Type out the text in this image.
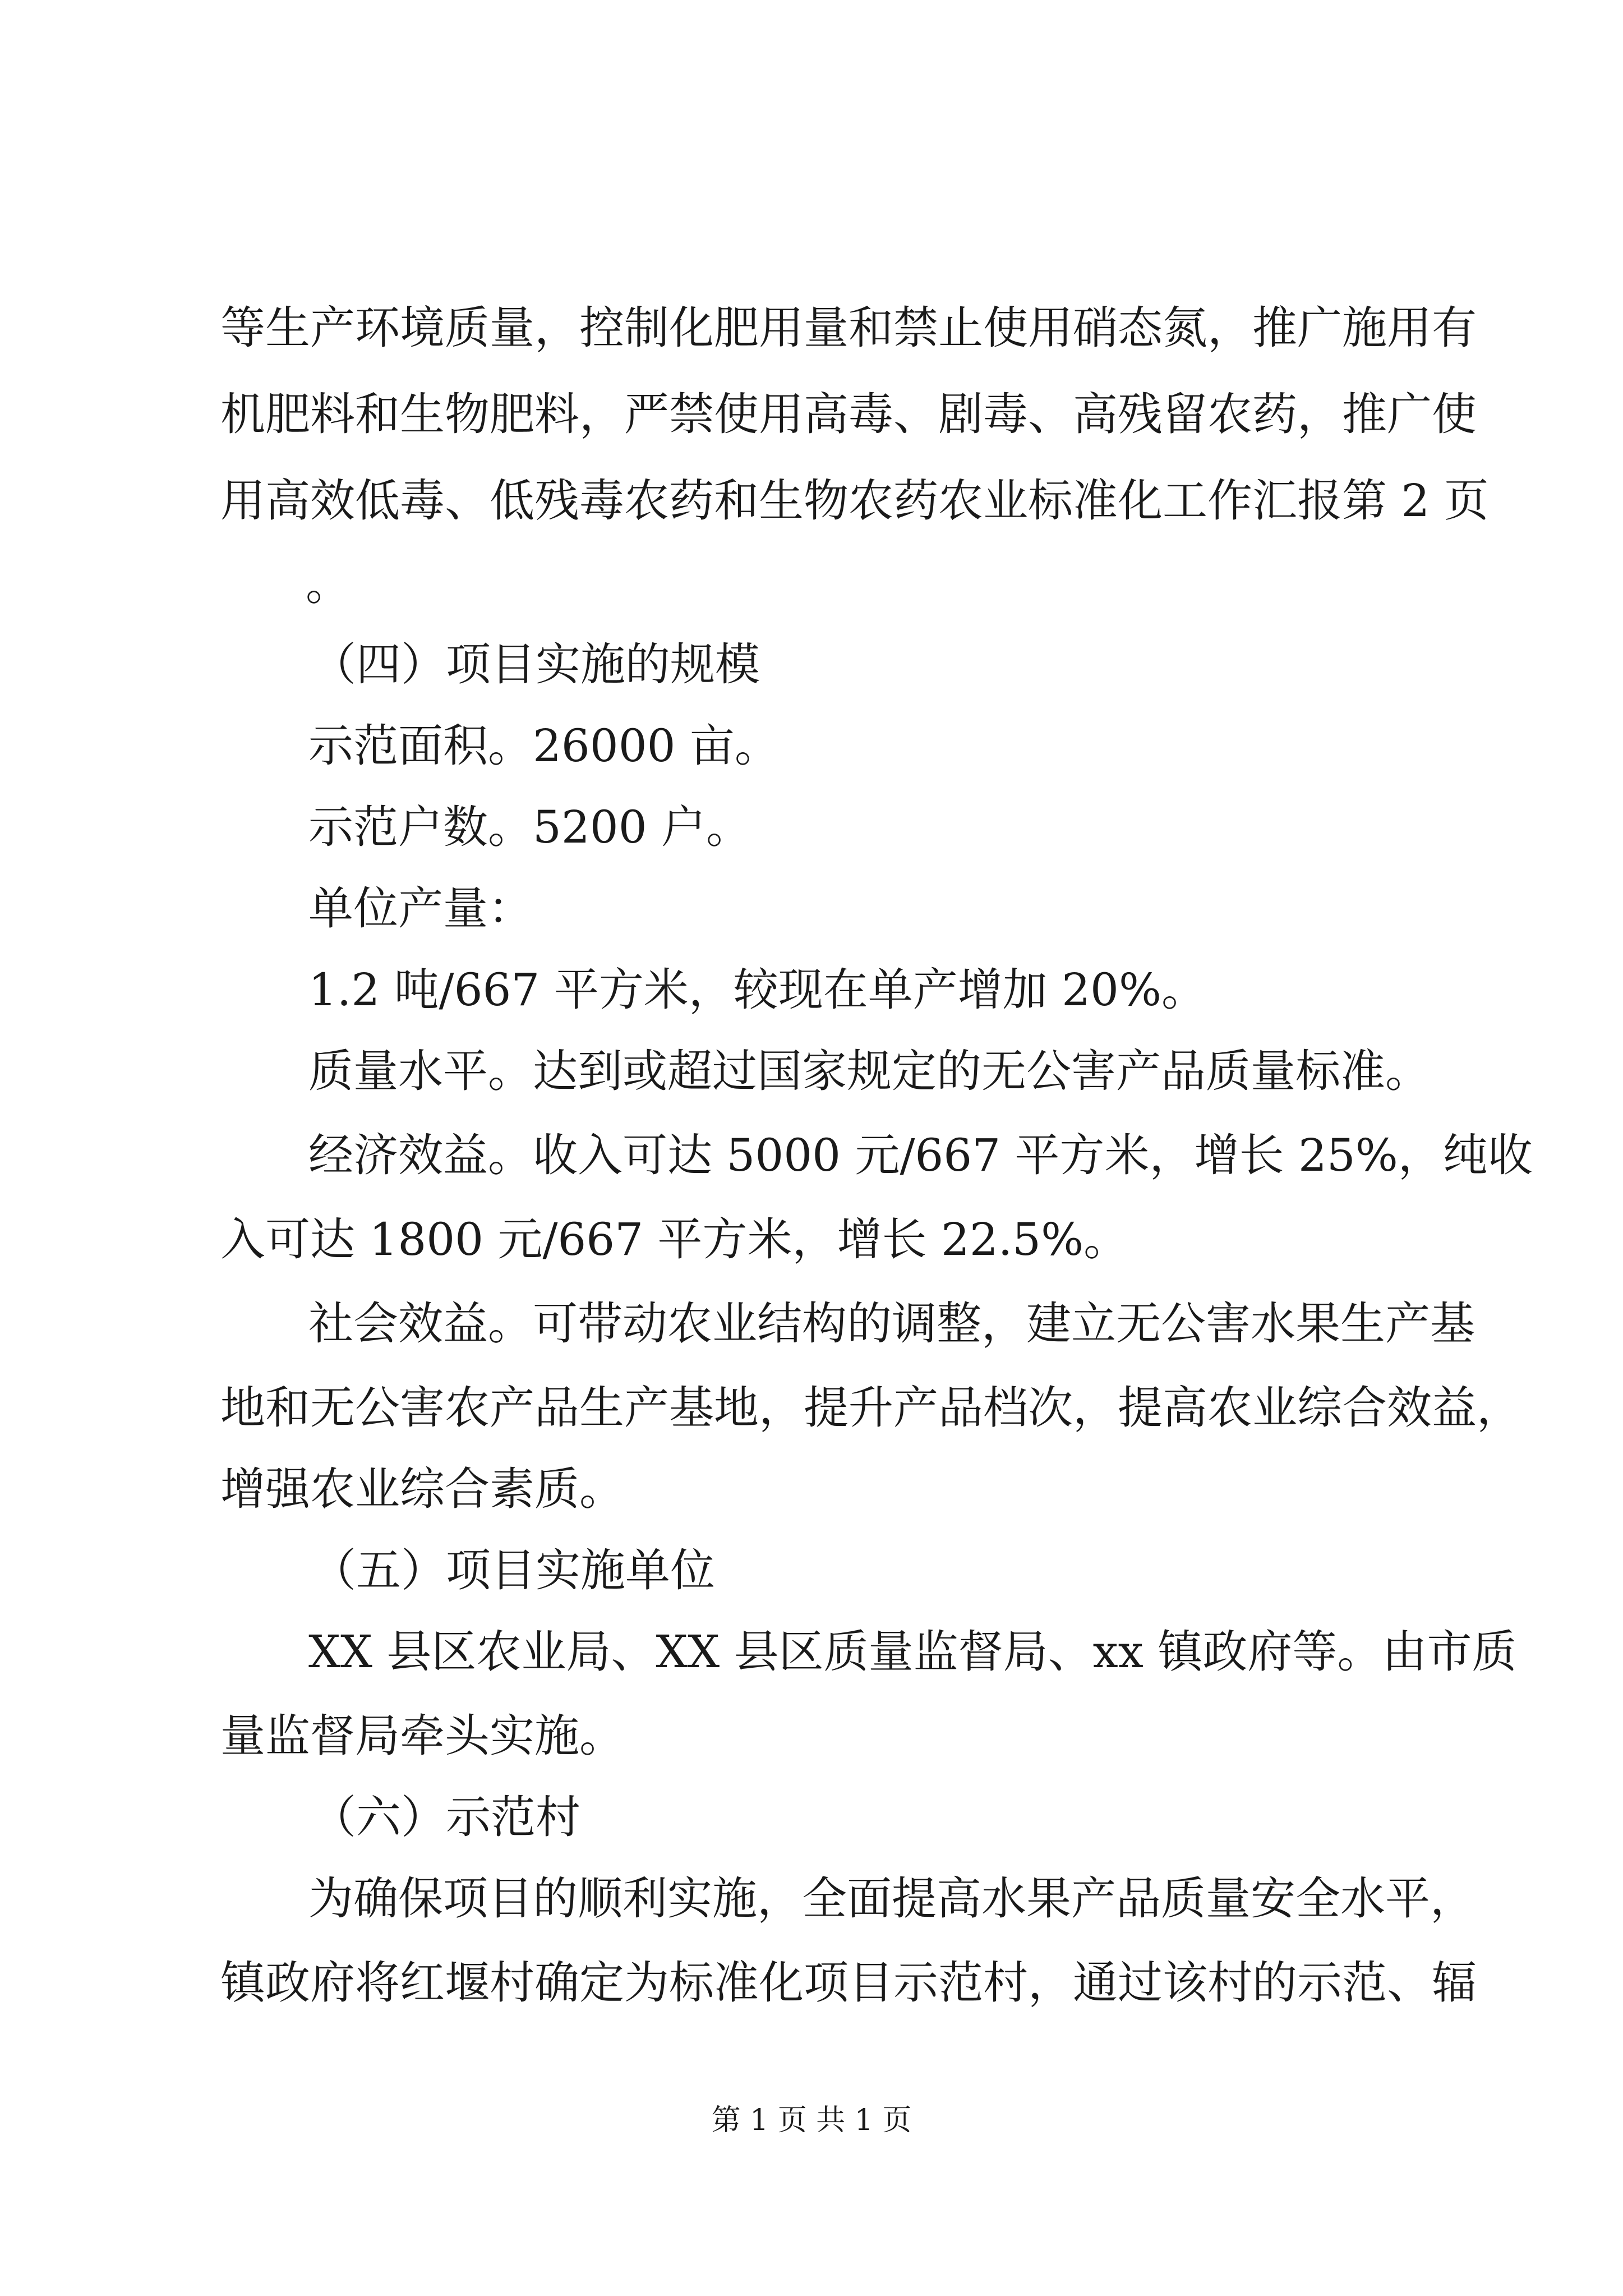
等生产环境质量，控制化肥用量和禁止使用硝态氮，推广施用有
机肥料和生物肥料，严禁使用高毒、剧毒、高残留农药，推广使
用高效低毒、低残毒农药和生物农药农业标准化工作汇报第 2 页
。
（四）项目实施的规模
示范面积。26000 亩。
示范户数。5200 户。
单位产量：
1.2 吨/667 平方米，较现在单产增加 20%。
质量水平。达到或超过国家规定的无公害产品质量标准。
经济效益。收入可达 5000 元/667 平方米，增长 25%，纯收
入可达 1800 元/667 平方米，增长 22.5%。
社会效益。可带动农业结构的调整，建立无公害水果生产基
地和无公害农产品生产基地，提升产品档次，提高农业综合效益，
增强农业综合素质。
（五）项目实施单位
XX 县区农业局、XX 县区质量监督局、xx 镇政府等。由市质
量监督局牵头实施。
（六）示范村
为确保项目的顺利实施，全面提高水果产品质量安全水平，
镇政府将红堰村确定为标准化项目示范村，通过该村的示范、辐
第 1 页 共 1 页
